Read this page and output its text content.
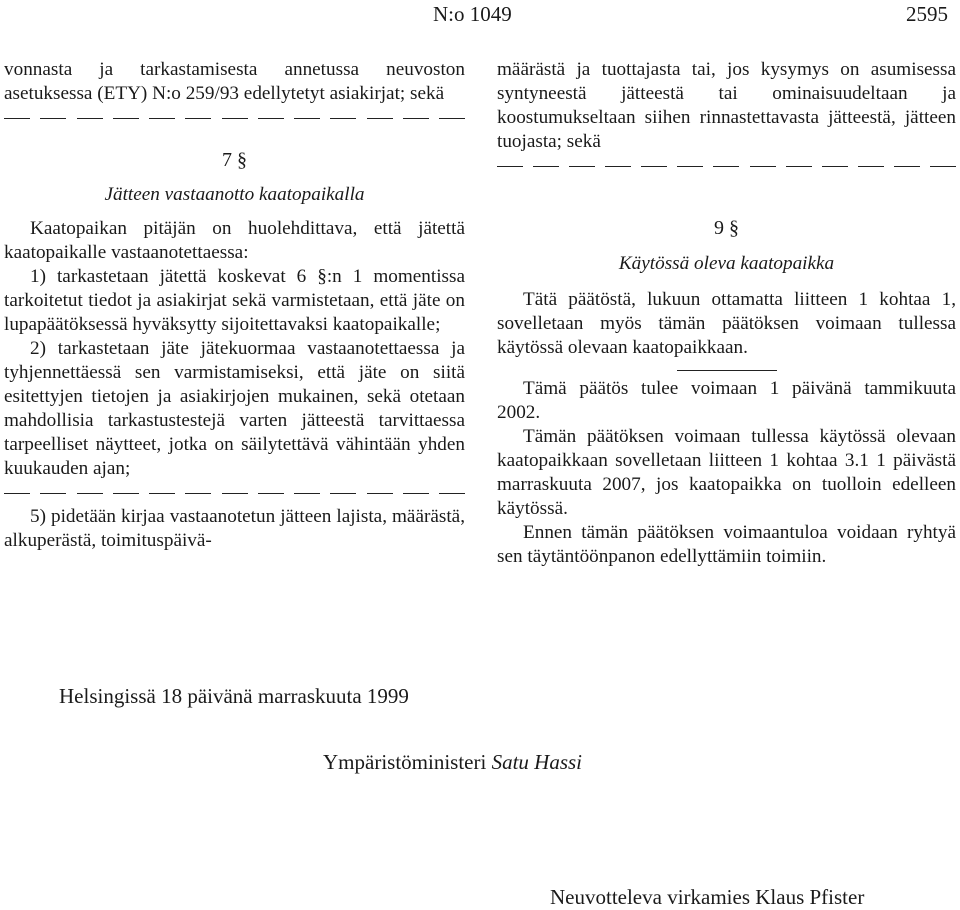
N:o 1049	2595

vonnasta ja tarkastamisesta annetussa neuvoston asetuksessa (ETY) N:o 259/93 edellytetyt asiakirjat; sekä

7 §
Jätteen vastaanotto kaatopaikalla

Kaatopaikan pitäjän on huolehdittava, että jätettä kaatopaikalle vastaanotettaessa:

1) tarkastetaan jätettä koskevat 6 §:n 1 momentissa tarkoitetut tiedot ja asiakirjat sekä varmistetaan, että jäte on lupapäätöksessä hyväksytty sijoitettavaksi kaatopaikalle;

2) tarkastetaan jäte jätekuormaa vastaanotettaessa ja tyhjennettäessä sen varmistamiseksi, että jäte on siitä esitettyjen tietojen ja asiakirjojen mukainen, sekä otetaan mahdollisia tarkastustestejä varten jätteestä tarvittaessa tarpeelliset näytteet, jotka on säilytettävä vähintään yhden kuukauden ajan;

5) pidetään kirjaa vastaanotetun jätteen lajista, määrästä, alkuperästä, toimituspäivä-

määrästä ja tuottajasta tai, jos kysymys on asumisessa syntyneestä jätteestä tai ominaisuudeltaan ja koostumukseltaan siihen rinnastettavasta jätteestä, jätteen tuojasta; sekä

9 §
Käytössä oleva kaatopaikka

Tätä päätöstä, lukuun ottamatta liitteen 1 kohtaa 1, sovelletaan myös tämän päätöksen voimaan tullessa käytössä olevaan kaatopaikkaan.

Tämä päätös tulee voimaan 1 päivänä tammikuuta 2002.

Tämän päätöksen voimaan tullessa käytössä olevaan kaatopaikkaan sovelletaan liitteen 1 kohtaa 3.1 1 päivästä marraskuuta 2007, jos kaatopaikka on tuolloin edelleen käytössä.

Ennen tämän päätöksen voimaantuloa voidaan ryhtyä sen täytäntöönpanon edellyttämiin toimiin.

Helsingissä 18 päivänä marraskuuta 1999
Ympäristöministeri Satu Hassi
Neuvotteleva virkamies Klaus Pfister
